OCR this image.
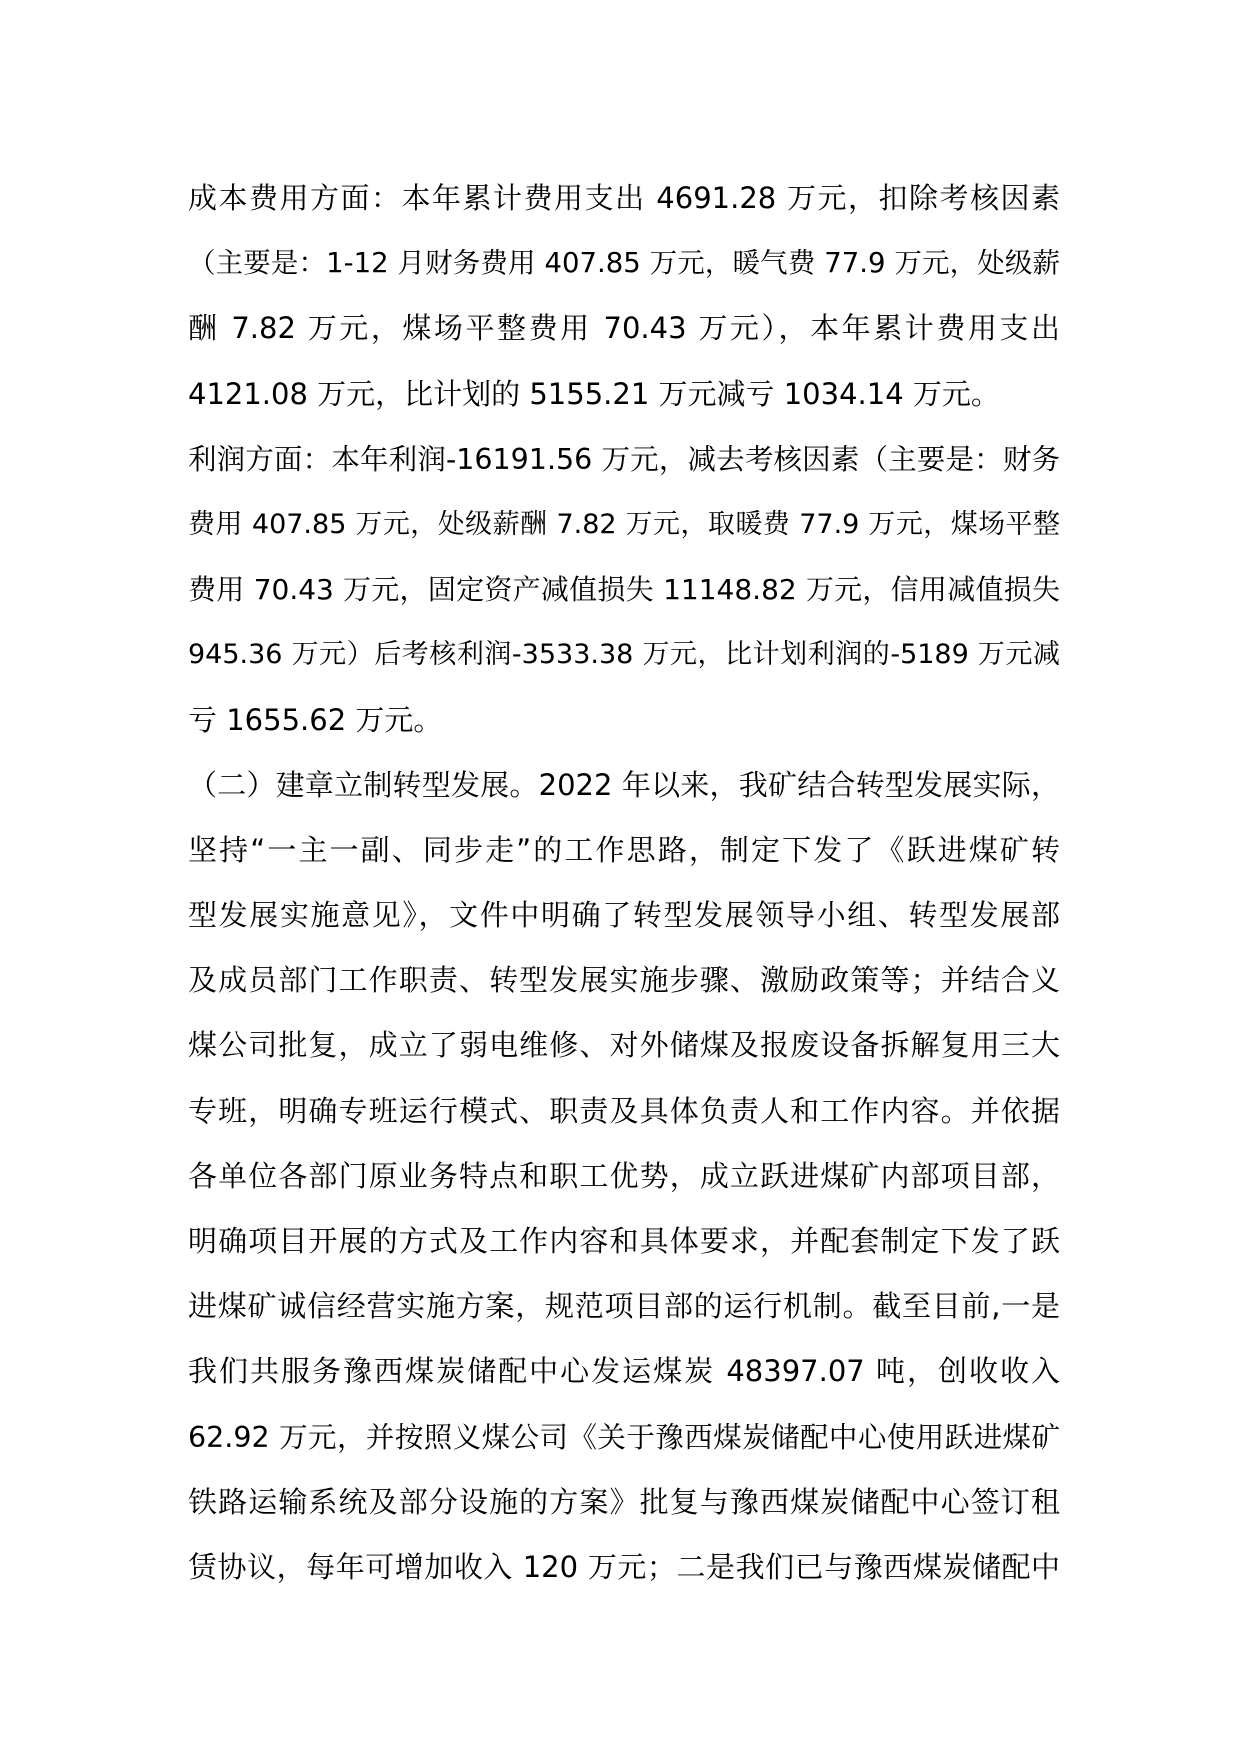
成本费用方面：本年累计费用支出 4691.28 万元，扣除考核因素
（主要是：1-12 月财务费用 407.85 万元，暖气费 77.9 万元，处级薪
酬 7.82 万元，煤场平整费用 70.43 万元），本年累计费用支出
4121.08 万元，比计划的 5155.21 万元减亏 1034.14 万元。
利润方面：本年利润-16191.56 万元，减去考核因素（主要是：财务
费用 407.85 万元，处级薪酬 7.82 万元，取暖费 77.9 万元，煤场平整
费用 70.43 万元，固定资产减值损失 11148.82 万元，信用减值损失
945.36 万元）后考核利润-3533.38 万元，比计划利润的-5189 万元减
亏 1655.62 万元。
（二）建章立制转型发展。2022 年以来，我矿结合转型发展实际，
坚持“一主一副、同步走”的工作思路，制定下发了《跃进煤矿转
型发展实施意见》，文件中明确了转型发展领导小组、转型发展部
及成员部门工作职责、转型发展实施步骤、激励政策等；并结合义
煤公司批复，成立了弱电维修、对外储煤及报废设备拆解复用三大
专班，明确专班运行模式、职责及具体负责人和工作内容。并依据
各单位各部门原业务特点和职工优势，成立跃进煤矿内部项目部，
明确项目开展的方式及工作内容和具体要求，并配套制定下发了跃
进煤矿诚信经营实施方案，规范项目部的运行机制。截至目前,一是
我们共服务豫西煤炭储配中心发运煤炭 48397.07 吨，创收收入
62.92 万元，并按照义煤公司《关于豫西煤炭储配中心使用跃进煤矿
铁路运输系统及部分设施的方案》批复与豫西煤炭储配中心签订租
赁协议，每年可增加收入 120 万元；二是我们已与豫西煤炭储配中
